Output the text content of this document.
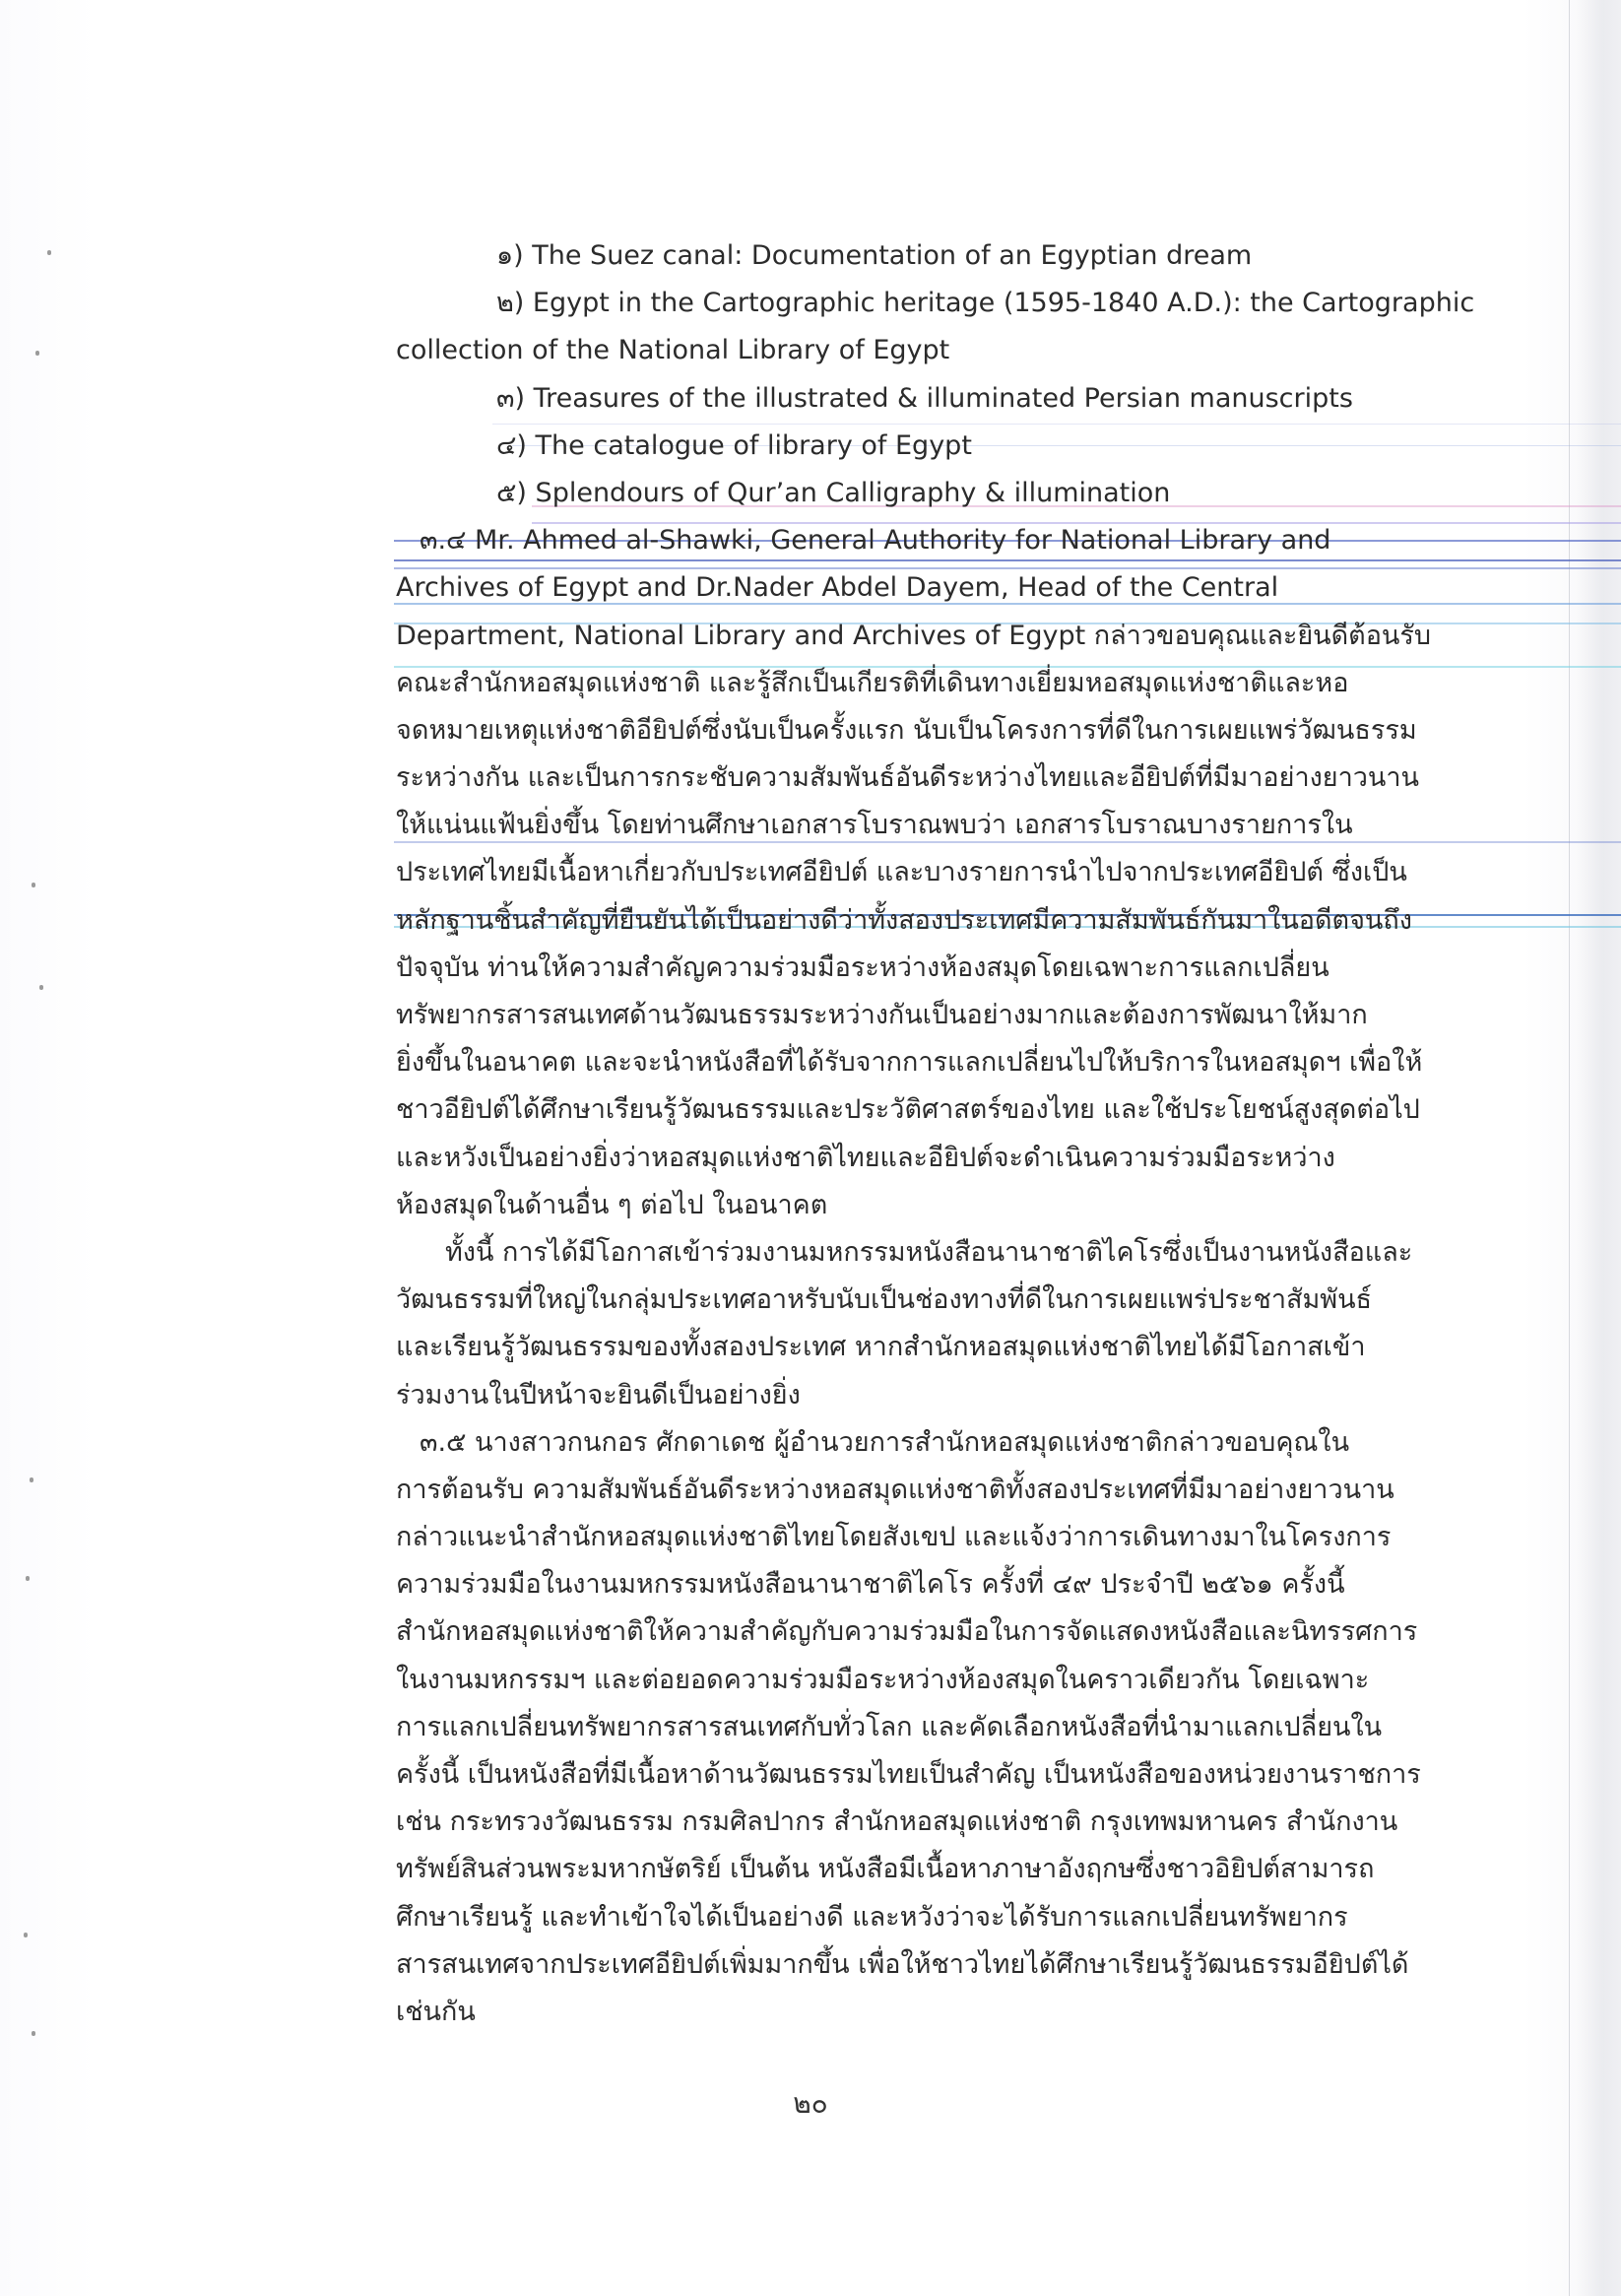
๑) The Suez canal: Documentation of an Egyptian dream
๒) Egypt in the Cartographic heritage (1595-1840 A.D.): the Cartographic
collection of the National Library of Egypt
๓) Treasures of the illustrated & illuminated Persian manuscripts
๔) The catalogue of library of Egypt
๕) Splendours of Qur’an Calligraphy & illumination
๓.๔ Mr. Ahmed al-Shawki, General Authority for National Library and
Archives of Egypt and Dr.Nader Abdel Dayem, Head of the Central
Department, National Library and Archives of Egypt กล่าวขอบคุณและยินดีต้อนรับ
คณะสำนักหอสมุดแห่งชาติ และรู้สึกเป็นเกียรติที่เดินทางเยี่ยมหอสมุดแห่งชาติและหอ
จดหมายเหตุแห่งชาติอียิปต์ซึ่งนับเป็นครั้งแรก นับเป็นโครงการที่ดีในการเผยแพร่วัฒนธรรม
ระหว่างกัน และเป็นการกระชับความสัมพันธ์อันดีระหว่างไทยและอียิปต์ที่มีมาอย่างยาวนาน
ให้แน่นแฟ้นยิ่งขึ้น โดยท่านศึกษาเอกสารโบราณพบว่า เอกสารโบราณบางรายการใน
ประเทศไทยมีเนื้อหาเกี่ยวกับประเทศอียิปต์ และบางรายการนำไปจากประเทศอียิปต์ ซึ่งเป็น
หลักฐานชิ้นสำคัญที่ยืนยันได้เป็นอย่างดีว่าทั้งสองประเทศมีความสัมพันธ์กันมาในอดีตจนถึง
ปัจจุบัน ท่านให้ความสำคัญความร่วมมือระหว่างห้องสมุดโดยเฉพาะการแลกเปลี่ยน
ทรัพยากรสารสนเทศด้านวัฒนธรรมระหว่างกันเป็นอย่างมากและต้องการพัฒนาให้มาก
ยิ่งขึ้นในอนาคต และจะนำหนังสือที่ได้รับจากการแลกเปลี่ยนไปให้บริการในหอสมุดฯ เพื่อให้
ชาวอียิปต์ได้ศึกษาเรียนรู้วัฒนธรรมและประวัติศาสตร์ของไทย และใช้ประโยชน์สูงสุดต่อไป
และหวังเป็นอย่างยิ่งว่าหอสมุดแห่งชาติไทยและอียิปต์จะดำเนินความร่วมมือระหว่าง
ห้องสมุดในด้านอื่น ๆ ต่อไป ในอนาคต
ทั้งนี้ การได้มีโอกาสเข้าร่วมงานมหกรรมหนังสือนานาชาติไคโรซึ่งเป็นงานหนังสือและ
วัฒนธรรมที่ใหญ่ในกลุ่มประเทศอาหรับนับเป็นช่องทางที่ดีในการเผยแพร่ประชาสัมพันธ์
และเรียนรู้วัฒนธรรมของทั้งสองประเทศ หากสำนักหอสมุดแห่งชาติไทยได้มีโอกาสเข้า
ร่วมงานในปีหน้าจะยินดีเป็นอย่างยิ่ง
๓.๕ นางสาวกนกอร ศักดาเดช ผู้อำนวยการสำนักหอสมุดแห่งชาติกล่าวขอบคุณใน
การต้อนรับ ความสัมพันธ์อันดีระหว่างหอสมุดแห่งชาติทั้งสองประเทศที่มีมาอย่างยาวนาน
กล่าวแนะนำสำนักหอสมุดแห่งชาติไทยโดยสังเขป และแจ้งว่าการเดินทางมาในโครงการ
ความร่วมมือในงานมหกรรมหนังสือนานาชาติไคโร ครั้งที่ ๔๙ ประจำปี ๒๕๖๑ ครั้งนี้
สำนักหอสมุดแห่งชาติให้ความสำคัญกับความร่วมมือในการจัดแสดงหนังสือและนิทรรศการ
ในงานมหกรรมฯ และต่อยอดความร่วมมือระหว่างห้องสมุดในคราวเดียวกัน โดยเฉพาะ
การแลกเปลี่ยนทรัพยากรสารสนเทศกับทั่วโลก และคัดเลือกหนังสือที่นำมาแลกเปลี่ยนใน
ครั้งนี้ เป็นหนังสือที่มีเนื้อหาด้านวัฒนธรรมไทยเป็นสำคัญ เป็นหนังสือของหน่วยงานราชการ
เช่น กระทรวงวัฒนธรรม กรมศิลปากร สำนักหอสมุดแห่งชาติ กรุงเทพมหานคร สำนักงาน
ทรัพย์สินส่วนพระมหากษัตริย์ เป็นต้น หนังสือมีเนื้อหาภาษาอังฤกษซึ่งชาวอิยิปต์สามารถ
ศึกษาเรียนรู้ และทำเข้าใจได้เป็นอย่างดี และหวังว่าจะได้รับการแลกเปลี่ยนทรัพยากร
สารสนเทศจากประเทศอียิปต์เพิ่มมากขึ้น เพื่อให้ชาวไทยได้ศึกษาเรียนรู้วัฒนธรรมอียิปต์ได้
เช่นกัน
๒๐
